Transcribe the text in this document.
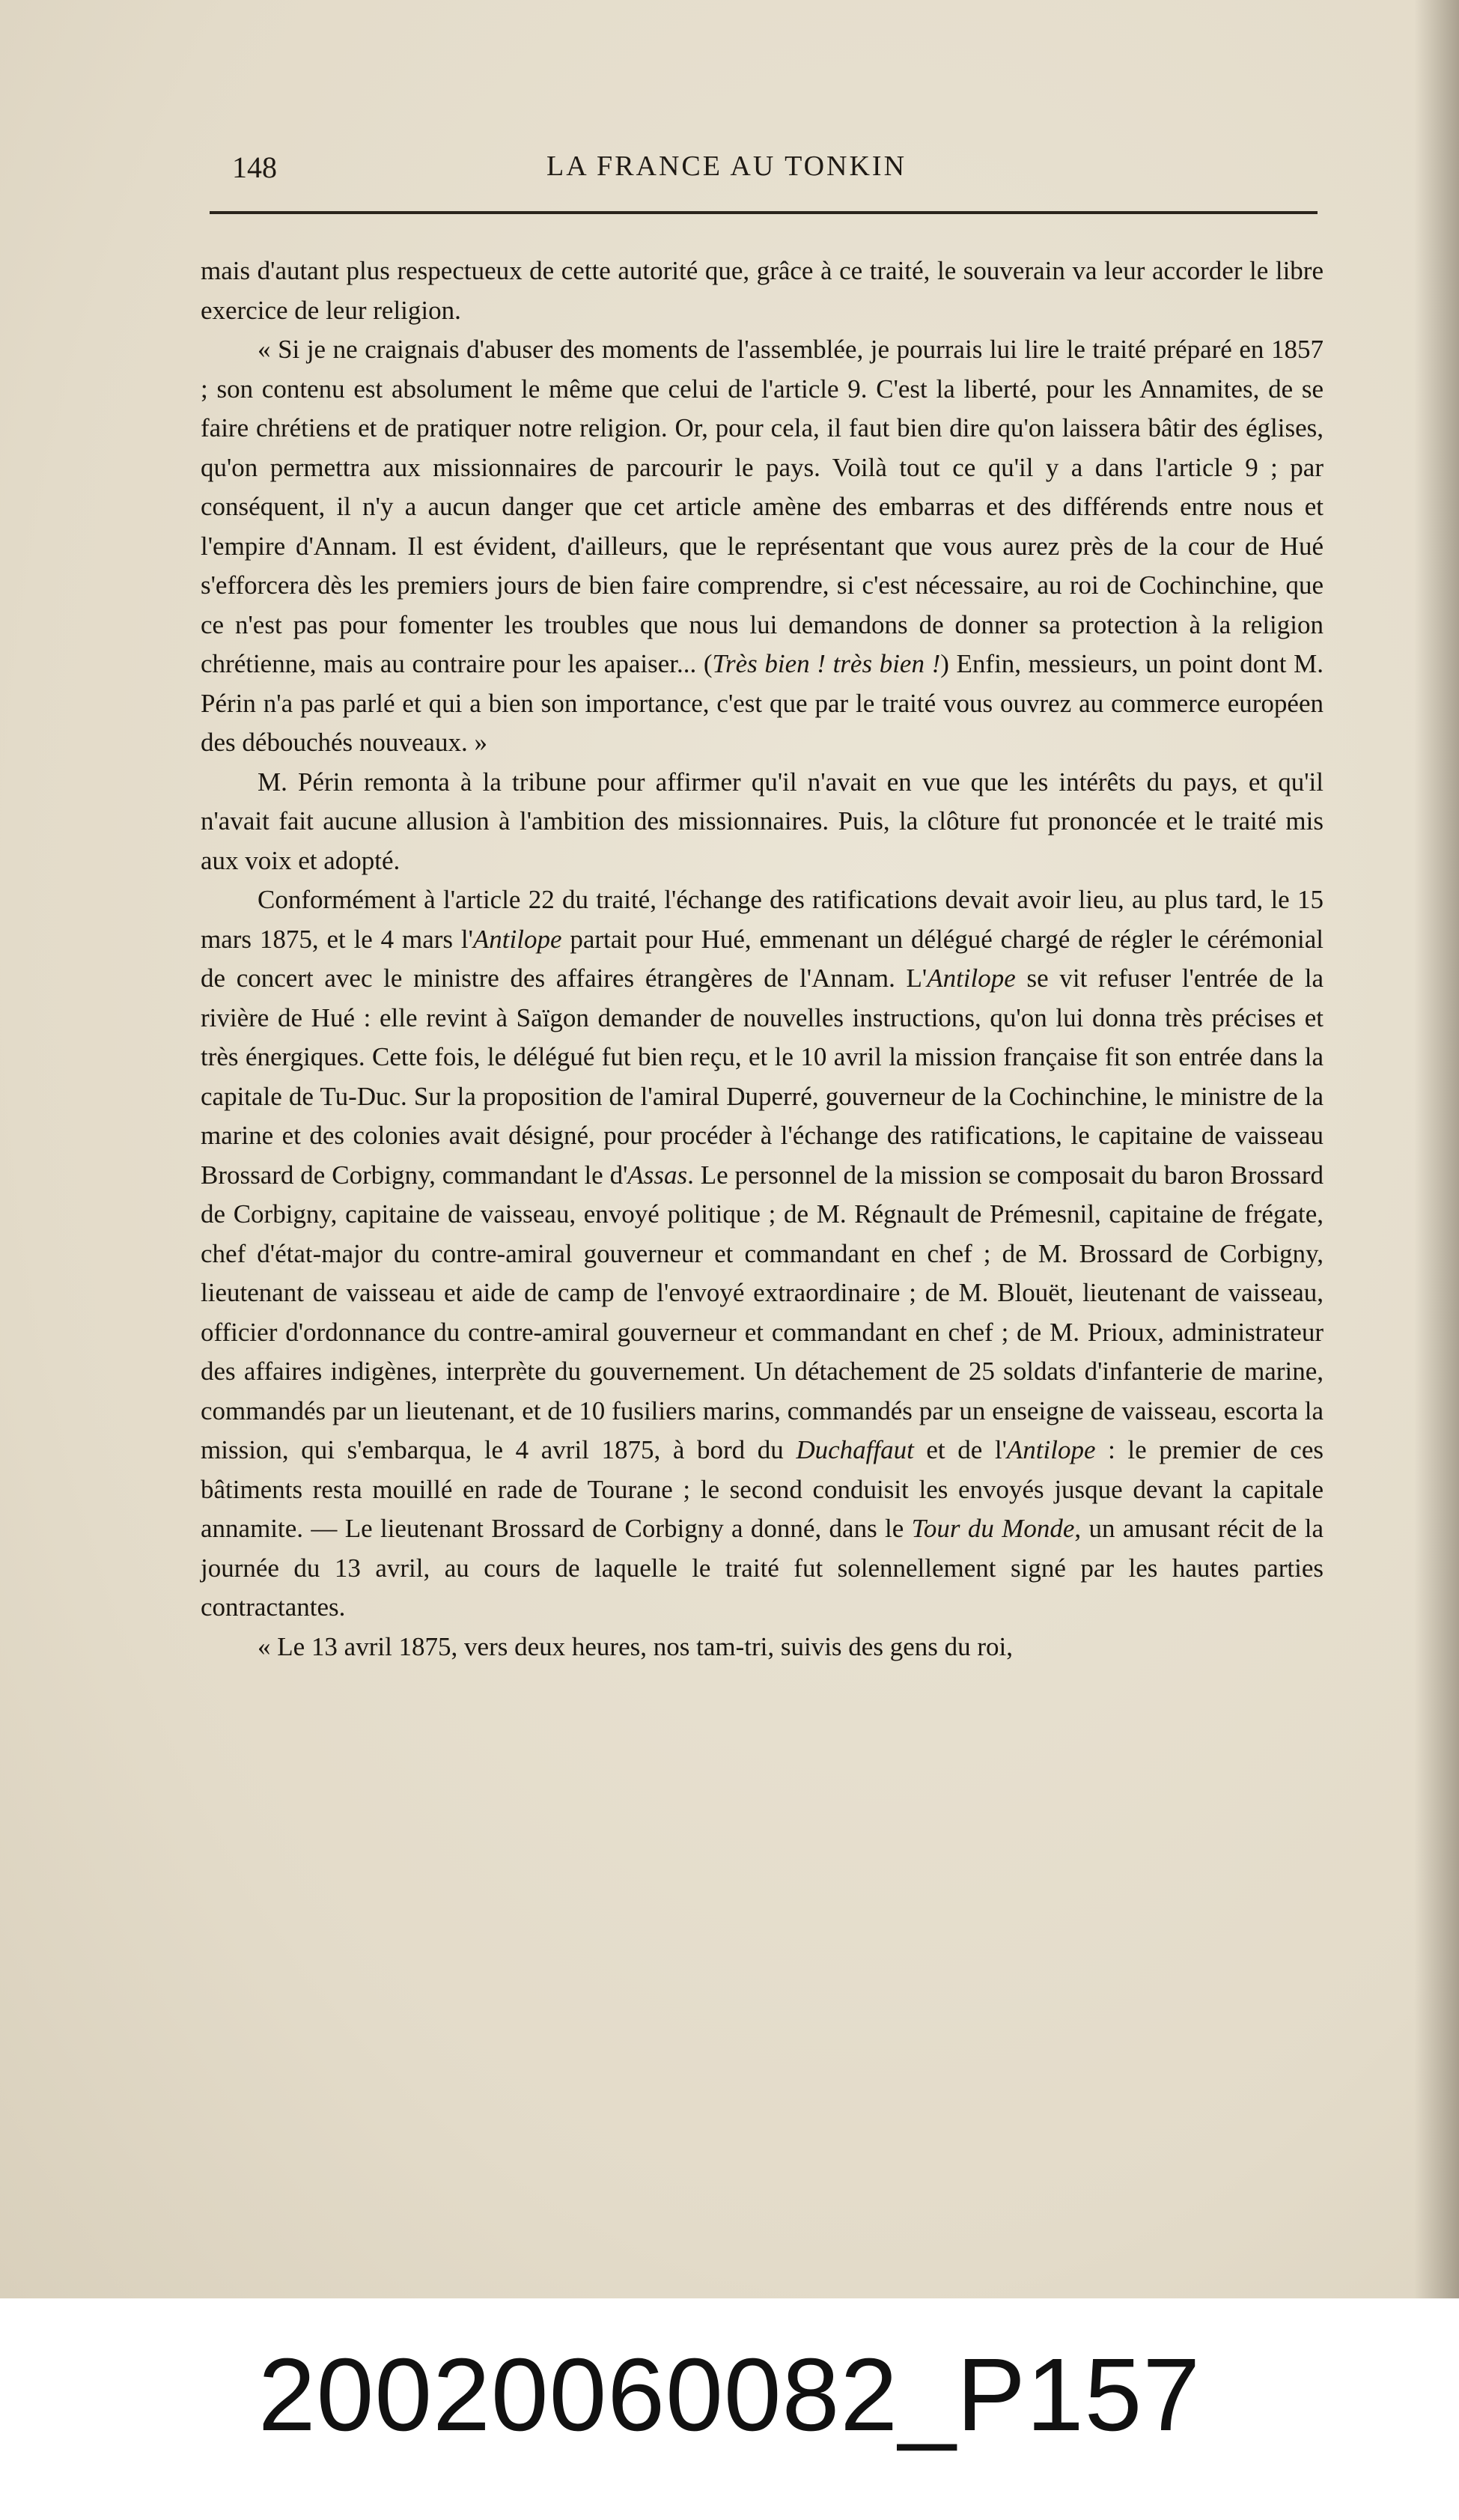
148	LA FRANCE AU TONKIN

mais d'autant plus respectueux de cette autorité que, grâce à ce traité, le souverain va leur accorder le libre exercice de leur religion.

« Si je ne craignais d'abuser des moments de l'assemblée, je pourrais lui lire le traité préparé en 1857 ; son contenu est absolument le même que celui de l'article 9. C'est la liberté, pour les Annamites, de se faire chrétiens et de pratiquer notre religion. Or, pour cela, il faut bien dire qu'on laissera bâtir des églises, qu'on permettra aux missionnaires de parcourir le pays. Voilà tout ce qu'il y a dans l'article 9 ; par conséquent, il n'y a aucun danger que cet article amène des embarras et des différends entre nous et l'empire d'Annam. Il est évident, d'ailleurs, que le représentant que vous aurez près de la cour de Hué s'efforcera dès les premiers jours de bien faire comprendre, si c'est nécessaire, au roi de Cochinchine, que ce n'est pas pour fomenter les troubles que nous lui demandons de donner sa protection à la religion chrétienne, mais au contraire pour les apaiser... (Très bien ! très bien !) Enfin, messieurs, un point dont M. Périn n'a pas parlé et qui a bien son importance, c'est que par le traité vous ouvrez au commerce européen des débouchés nouveaux. »

M. Périn remonta à la tribune pour affirmer qu'il n'avait en vue que les intérêts du pays, et qu'il n'avait fait aucune allusion à l'ambition des missionnaires. Puis, la clôture fut prononcée et le traité mis aux voix et adopté.

Conformément à l'article 22 du traité, l'échange des ratifications devait avoir lieu, au plus tard, le 15 mars 1875, et le 4 mars l'Antilope partait pour Hué, emmenant un délégué chargé de régler le cérémonial de concert avec le ministre des affaires étrangères de l'Annam. L'Antilope se vit refuser l'entrée de la rivière de Hué : elle revint à Saïgon demander de nouvelles instructions, qu'on lui donna très précises et très énergiques. Cette fois, le délégué fut bien reçu, et le 10 avril la mission française fit son entrée dans la capitale de Tu-Duc. Sur la proposition de l'amiral Duperré, gouverneur de la Cochinchine, le ministre de la marine et des colonies avait désigné, pour procéder à l'échange des ratifications, le capitaine de vaisseau Brossard de Corbigny, commandant le d'Assas. Le personnel de la mission se composait du baron Brossard de Corbigny, capitaine de vaisseau, envoyé politique ; de M. Régnault de Prémesnil, capitaine de frégate, chef d'état-major du contre-amiral gouverneur et commandant en chef ; de M. Brossard de Corbigny, lieutenant de vaisseau et aide de camp de l'envoyé extraordinaire ; de M. Blouët, lieutenant de vaisseau, officier d'ordonnance du contre-amiral gouverneur et commandant en chef ; de M. Prioux, administrateur des affaires indigènes, interprète du gouvernement. Un détachement de 25 soldats d'infanterie de marine, commandés par un lieutenant, et de 10 fusiliers marins, commandés par un enseigne de vaisseau, escorta la mission, qui s'embarqua, le 4 avril 1875, à bord du Duchaffaut et de l'Antilope : le premier de ces bâtiments resta mouillé en rade de Tourane ; le second conduisit les envoyés jusque devant la capitale annamite. — Le lieutenant Brossard de Corbigny a donné, dans le Tour du Monde, un amusant récit de la journée du 13 avril, au cours de laquelle le traité fut solennellement signé par les hautes parties contractantes.

« Le 13 avril 1875, vers deux heures, nos tam-tri, suivis des gens du roi,

20020060082_P157
